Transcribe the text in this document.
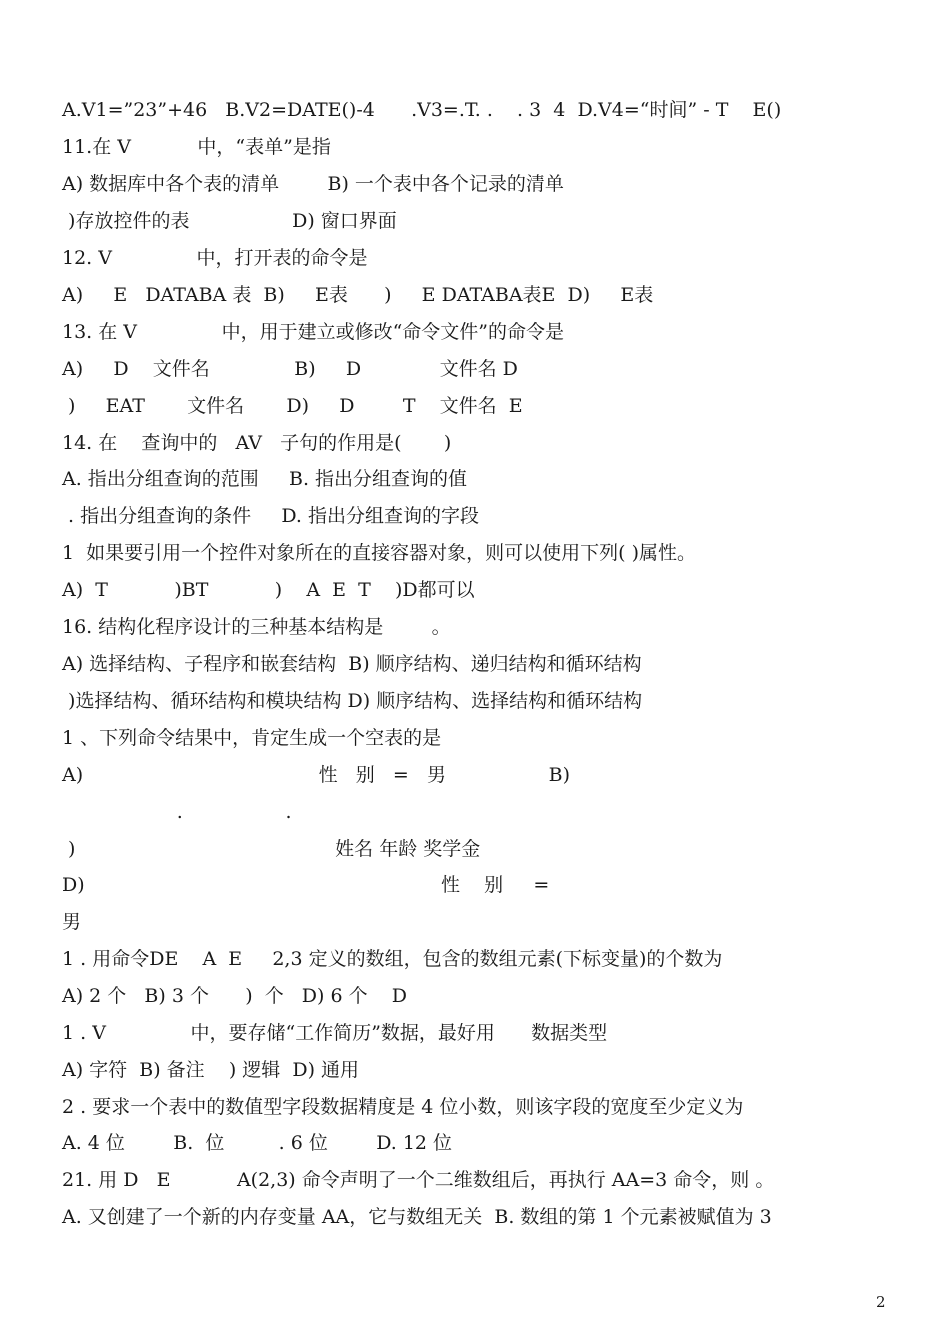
A.V1=”23”+46   B.V2=DATE()-4      .V3=.T. .    . 3  4  D.V4=“时间” - T    E()
11.在 V           中，“表单”是指
A) 数据库中各个表的清单        B) 一个表中各个记录的清单
)存放控件的表                 D) 窗口界面
12. V              中，打开表的命令是
A)     E   DATABA 表  B)     E表      )     E DATABA表E  D)     E表
13. 在 V              中，用于建立或修改“命令文件”的命令是
A)     D    文件名              B)     D             文件名 D
)     EAT       文件名       D)     D        T    文件名  E
14. 在    查询中的   AV   子句的作用是(       )
A. 指出分组查询的范围     B. 指出分组查询的值
. 指出分组查询的条件     D. 指出分组查询的字段
1  如果要引用一个控件对象所在的直接容器对象，则可以使用下列( )属性。
A)  T           )BT           )    A  E  T    )D都可以
16. 结构化程序设计的三种基本结构是        。
A) 选择结构、子程序和嵌套结构  B) 顺序结构、递归结构和循环结构
)选择结构、循环结构和模块结构 D) 顺序结构、选择结构和循环结构
1 、下列命令结果中，肯定生成一个空表的是
A)                                       性   别   =   男                 B)
.                 .
)                                           姓名 年龄 奖学金
D)                                                           性    别     =
男
1 . 用命令DE    A  E     2,3 定义的数组，包含的数组元素(下标变量)的个数为
A) 2 个   B) 3 个      )  个   D) 6 个    D
1 . V              中，要存储“工作简历”数据，最好用      数据类型
A) 字符  B) 备注    ) 逻辑  D) 通用
2 . 要求一个表中的数值型字段数据精度是 4 位小数，则该字段的宽度至少定义为
A. 4 位        B.  位         . 6 位        D. 12 位
21. 用 D   E           A(2,3) 命令声明了一个二维数组后，再执行 AA=3 命令，则 。
A. 又创建了一个新的内存变量 AA，它与数组无关  B. 数组的第 1 个元素被赋值为 3
2
